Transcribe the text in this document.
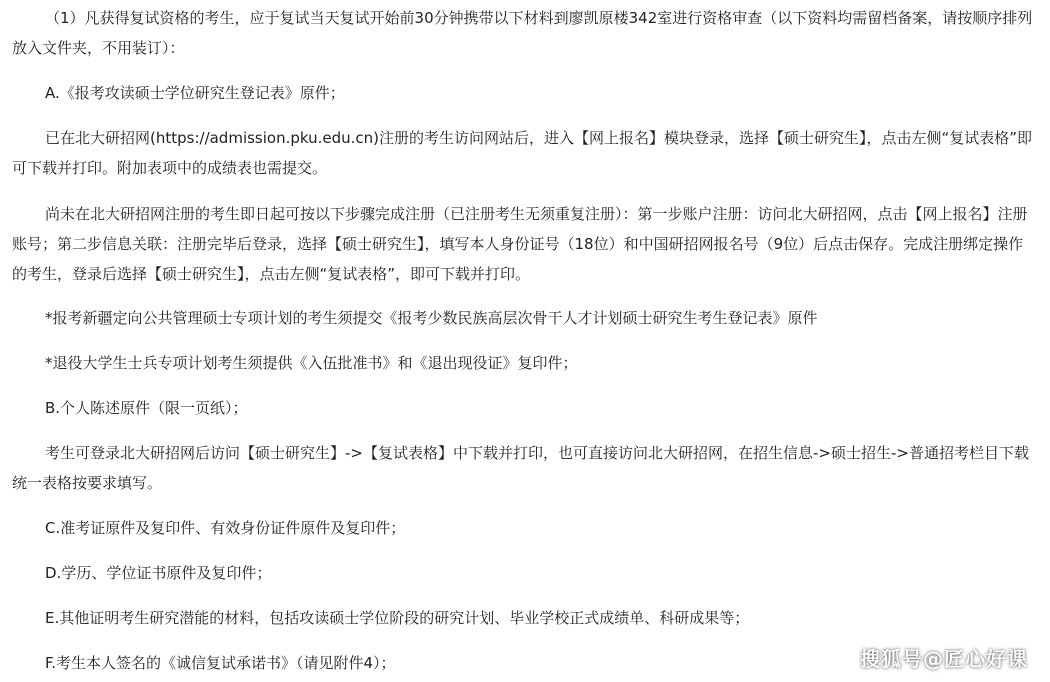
（1）凡获得复试资格的考生，应于复试当天复试开始前30分钟携带以下材料到廖凯原楼342室进行资格审查（以下资料均需留档备案，请按顺序排列放入文件夹，不用装订）：

A.《报考攻读硕士学位研究生登记表》原件；

已在北大研招网(https://admission.pku.edu.cn)注册的考生访问网站后，进入【网上报名】模块登录，选择【硕士研究生】，点击左侧“复试表格”即可下载并打印。附加表项中的成绩表也需提交。

尚未在北大研招网注册的考生即日起可按以下步骤完成注册（已注册考生无须重复注册）：第一步账户注册：访问北大研招网，点击【网上报名】注册账号；第二步信息关联：注册完毕后登录，选择【硕士研究生】，填写本人身份证号（18位）和中国研招网报名号（9位）后点击保存。完成注册绑定操作的考生，登录后选择【硕士研究生】，点击左侧“复试表格”，即可下载并打印。

*报考新疆定向公共管理硕士专项计划的考生须提交《报考少数民族高层次骨干人才计划硕士研究生考生登记表》原件

*退役大学生士兵专项计划考生须提供《入伍批准书》和《退出现役证》复印件；

B.个人陈述原件（限一页纸）；

考生可登录北大研招网后访问【硕士研究生】->【复试表格】中下载并打印，也可直接访问北大研招网，在招生信息->硕士招生->普通招考栏目下载统一表格按要求填写。

C.准考证原件及复印件、有效身份证件原件及复印件；

D.学历、学位证书原件及复印件；

E.其他证明考生研究潜能的材料，包括攻读硕士学位阶段的研究计划、毕业学校正式成绩单、科研成果等；

F.考生本人签名的《诚信复试承诺书》（请见附件4）；	搜狐号@匠心好课
